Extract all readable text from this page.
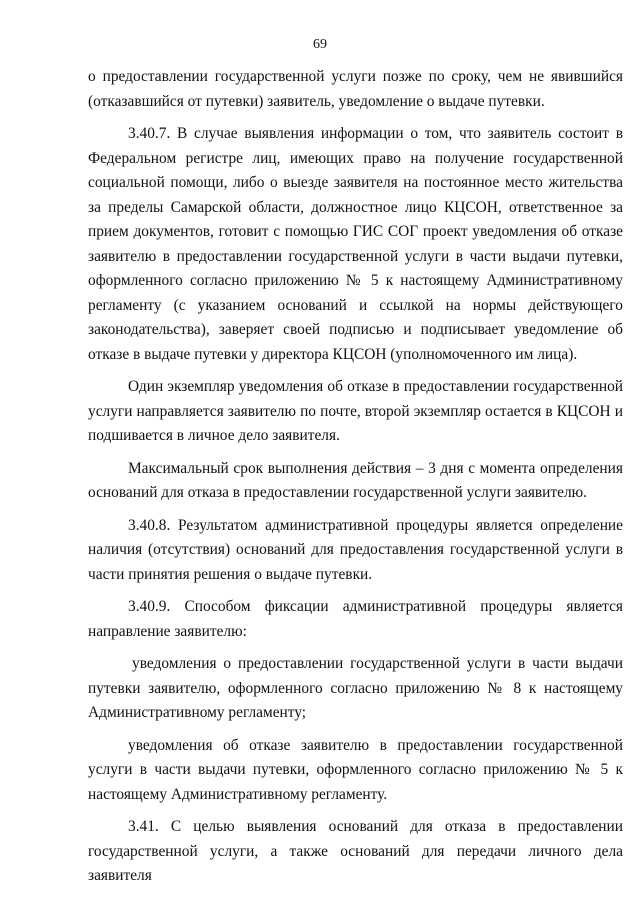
69

о предоставлении государственной услуги позже по сроку, чем не явившийся (отказавшийся от путевки) заявитель, уведомление о выдаче путевки.

3.40.7. В случае выявления информации о том, что заявитель состоит в Федеральном регистре лиц, имеющих право на получение государственной социальной помощи, либо о выезде заявителя на постоянное место жительства за пределы Самарской области, должностное лицо КЦСОН, ответственное за прием документов, готовит с помощью ГИС СОГ проект уведомления об отказе заявителю в предоставлении государственной услуги в части выдачи путевки, оформленного согласно приложению № 5 к настоящему Административному регламенту (с указанием оснований и ссылкой на нормы действующего законодательства), заверяет своей подписью и подписывает уведомление об отказе в выдаче путевки у директора КЦСОН (уполномоченного им лица).

Один экземпляр уведомления об отказе в предоставлении государственной услуги направляется заявителю по почте, второй экземпляр остается в КЦСОН и подшивается в личное дело заявителя.

Максимальный срок выполнения действия – 3 дня с момента определения оснований для отказа в предоставлении государственной услуги заявителю.

3.40.8. Результатом административной процедуры является определение наличия (отсутствия) оснований для предоставления государственной услуги в части принятия решения о выдаче путевки.

3.40.9. Способом фиксации административной процедуры является направление заявителю:

уведомления о предоставлении государственной услуги в части выдачи путевки заявителю, оформленного согласно приложению № 8 к настоящему Административному регламенту;

уведомления об отказе заявителю в предоставлении государственной услуги в части выдачи путевки, оформленного согласно приложению № 5 к настоящему Административному регламенту.

3.41. С целью выявления оснований для отказа в предоставлении государственной услуги, а также оснований для передачи личного дела заявителя
